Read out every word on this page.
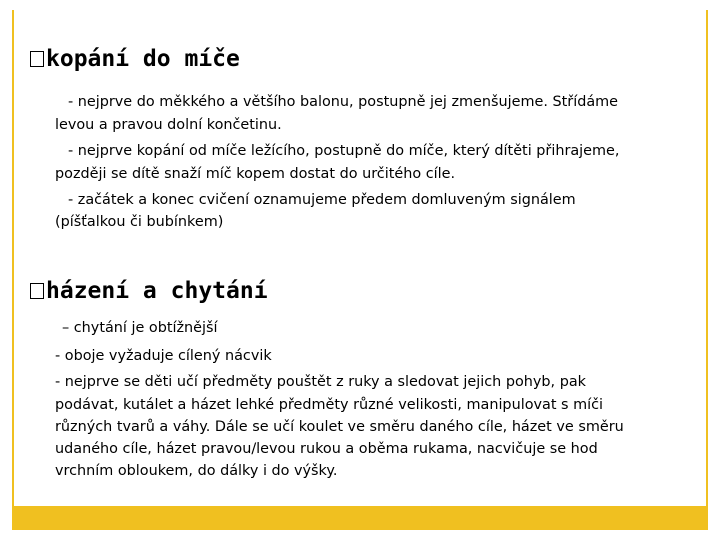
kopání do míče
- nejprve do měkkého a většího balonu, postupně jej zmenšujeme. Střídáme
levou a pravou dolní končetinu.
- nejprve kopání od míče ležícího, postupně do míče, který dítěti přihrajeme,
později se dítě snaží míč kopem dostat do určitého cíle.
- začátek a konec cvičení oznamujeme předem domluveným signálem
(píšťalkou či bubínkem)
házení a chytání
– chytání je obtížnější
- oboje vyžaduje cílený nácvik
- nejprve se děti učí předměty pouštět z ruky a sledovat jejich pohyb, pak
podávat, kutálet a házet lehké předměty různé velikosti, manipulovat s míči
různých tvarů a váhy. Dále se učí koulet ve směru daného cíle, házet ve směru
udaného cíle, házet pravou/levou rukou a oběma rukama, nacvičuje se hod
vrchním obloukem, do dálky i do výšky.
